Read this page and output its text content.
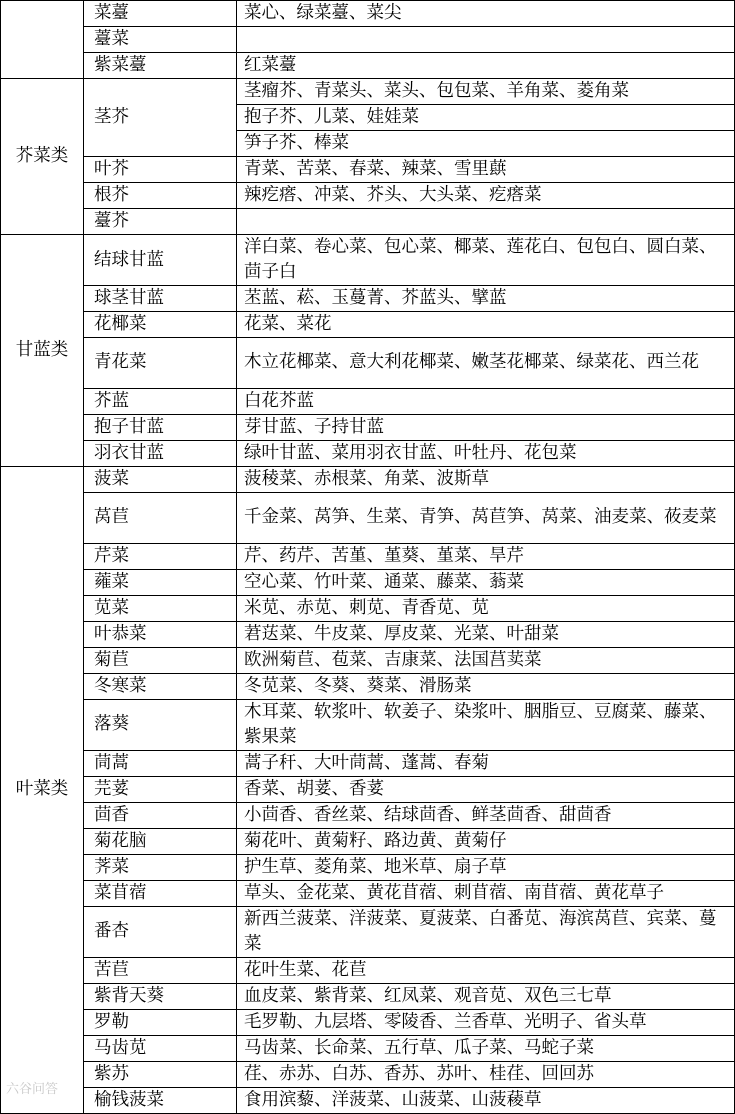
	菜薹	菜心、绿菜薹、菜尖
	薹菜	
	紫菜薹	红菜薹
芥菜类	茎芥	茎瘤芥、青菜头、菜头、包包菜、羊角菜、菱角菜
		抱子芥、儿菜、娃娃菜
		笋子芥、棒菜
	叶芥	青菜、苦菜、春菜、辣菜、雪里蕻
	根芥	辣疙瘩、冲菜、芥头、大头菜、疙瘩菜
	薹芥	
甘蓝类	结球甘蓝	洋白菜、卷心菜、包心菜、椰菜、莲花白、包包白、圆白菜、茴子白
	球茎甘蓝	苤蓝、菘、玉蔓菁、芥蓝头、擘蓝
	花椰菜	花菜、菜花
	青花菜	木立花椰菜、意大利花椰菜、嫩茎花椰菜、绿菜花、西兰花
	芥蓝	白花芥蓝
	抱子甘蓝	芽甘蓝、子持甘蓝
	羽衣甘蓝	绿叶甘蓝、菜用羽衣甘蓝、叶牡丹、花包菜
叶菜类	菠菜	菠稜菜、赤根菜、角菜、波斯草
	莴苣	千金菜、莴笋、生菜、青笋、莴苣笋、莴菜、油麦菜、莜麦菜
	芹菜	芹、药芹、苦堇、堇葵、堇菜、旱芹
	蕹菜	空心菜、竹叶菜、通菜、藤菜、蓊菜
	苋菜	米苋、赤苋、刺苋、青香苋、苋
	叶恭菜	莙荙菜、牛皮菜、厚皮菜、光菜、叶甜菜
	菊苣	欧洲菊苣、苞菜、吉康菜、法国莒荬菜
	冬寒菜	冬苋菜、冬葵、葵菜、滑肠菜
	落葵	木耳菜、软浆叶、软姜子、染浆叶、胭脂豆、豆腐菜、藤菜、紫果菜
	茼蒿	蒿子秆、大叶茼蒿、蓬蒿、春菊
	芫荽	香菜、胡荽、香荽
	茴香	小茴香、香丝菜、结球茴香、鲜茎茴香、甜茴香
	菊花脑	菊花叶、黄菊籽、路边黄、黄菊仔
	荠菜	护生草、菱角菜、地米草、扇子草
	菜苜蓿	草头、金花菜、黄花苜蓿、刺苜蓿、南苜蓿、黄花草子
	番杏	新西兰菠菜、洋菠菜、夏菠菜、白番苋、海滨莴苣、宾菜、蔓菜
	苦苣	花叶生菜、花苣
	紫背天葵	血皮菜、紫背菜、红凤菜、观音苋、双色三七草
	罗勒	毛罗勒、九层塔、零陵香、兰香草、光明子、省头草
	马齿苋	马齿菜、长命菜、五行草、瓜子菜、马蛇子菜
	紫苏	荏、赤苏、白苏、香苏、苏叶、桂荏、回回苏
	榆钱菠菜	食用滨藜、洋菠菜、山菠菜、山菠薐草
六谷问答
